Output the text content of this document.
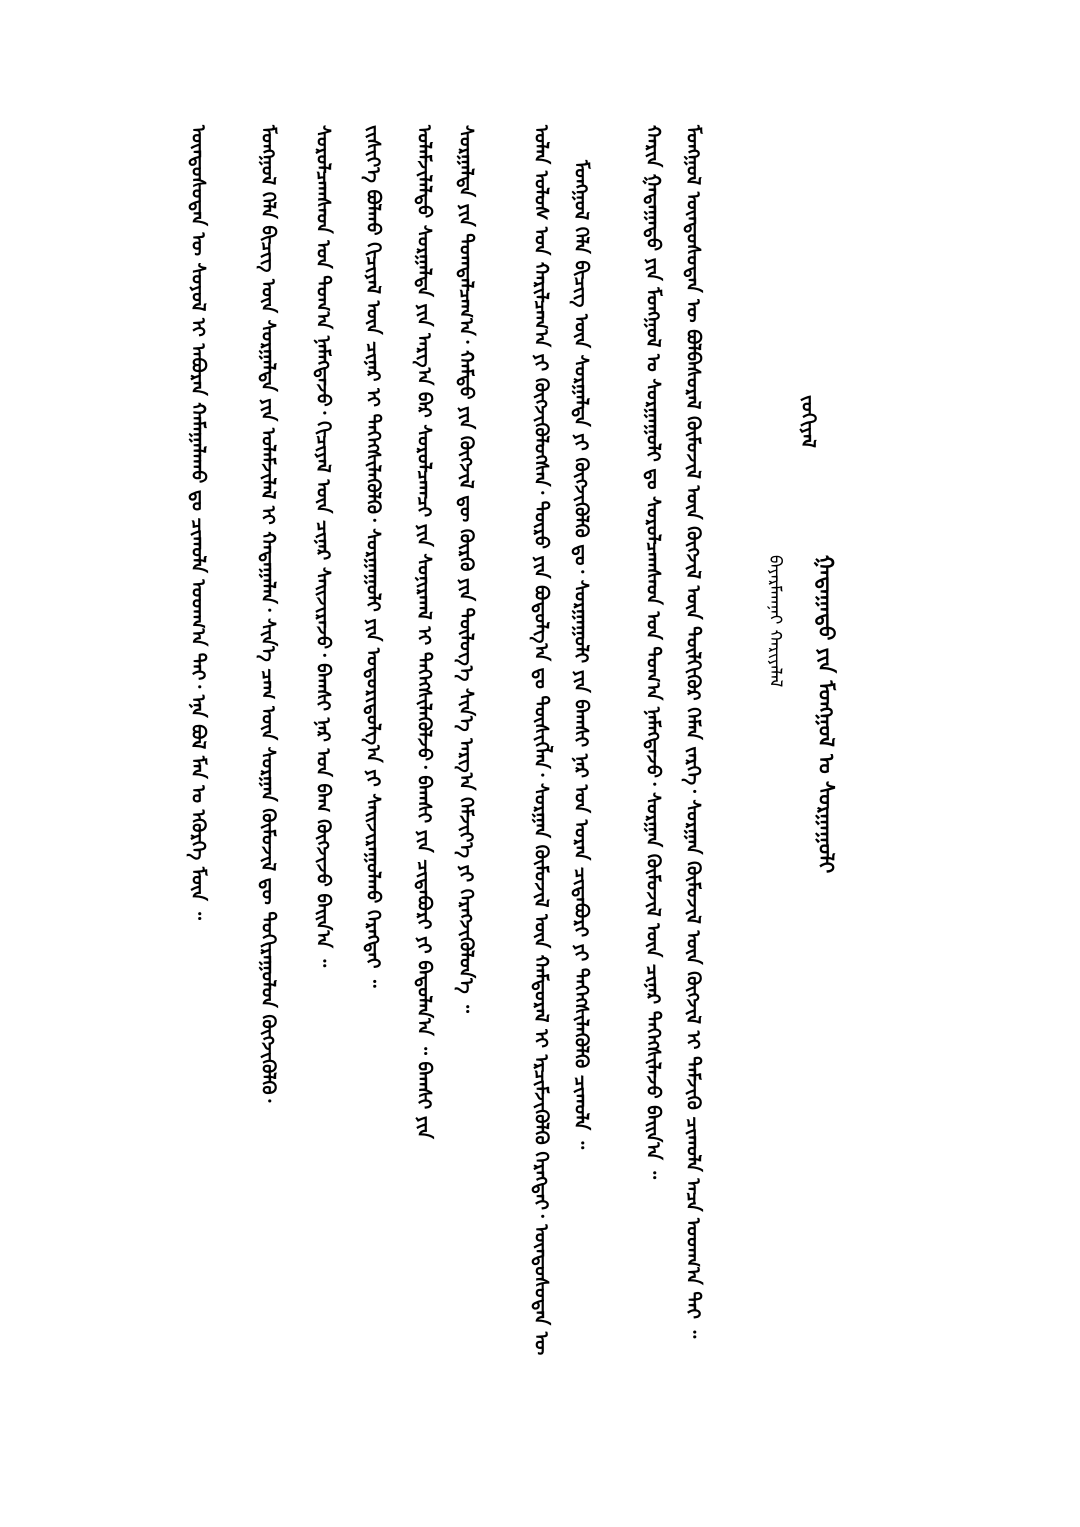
ᠵᠣᠬᠢᠶᠠᠯ
ᠭᠠᠳᠠᠭᠠᠳᠤ ᠶᠢᠨ ᠮᠣᠩᠭᠣᠯ ᠤ ᠰᠤᠷᠭᠠᠭᠤᠯᠢ
ᠪᠠᠶᠠᠷᠮᠠᠭᠨᠠᠢ ᠬᠠᠷᠢᠶᠠᠯᠠᠯ
ᠮᠣᠩᠭᠣᠯ ᠦᠨᠳᠦᠰᠦᠲᠡᠨ ᠦ ᠪᠣᠯᠪᠠᠰᠤᠷᠠᠯ ᠬᠦᠮᠦᠵᠢᠯ ᠦᠨ ᠬᠥᠭᠵᠢᠯ ᠦᠨ ᠲᠦᠯᠬᠢᠭᠦᠷ ᠬᠡᠮᠡᠨ ᠵᠡᠷᠭᠡ᠂ ᠰᠤᠷᠭᠠᠨ ᠬᠦᠮᠦᠵᠢᠯ ᠦᠨ ᠬᠥᠭᠵᠢᠯ ᠢ ᠳᠡᠮᠵᠢᠬᠦ ᠴᠢᠬᠤᠯᠠ ᠠᠴᠠ ᠤᠳᠬ᠎ᠠ ᠲᠠᠢ ᠃
ᠬᠠᠷᠢᠨ ᠭᠠᠳᠠᠭᠠᠳᠤ ᠶᠢᠨ ᠮᠣᠩᠭᠣᠯ ᠤ ᠰᠤᠷᠭᠠᠭᠤᠯᠢ ᠳᠤ ᠰᠤᠷᠤᠯᠴᠠᠭᠰᠠᠳ ᠤᠨ ᠲᠣᠭ᠎ᠠ ᠨᠡᠮᠡᠭᠳᠡᠵᠦ᠂ ᠰᠤᠷᠭᠠᠨ ᠬᠦᠮᠦᠵᠢᠯ ᠦᠨ ᠴᠢᠨᠠᠷ ᠳᠡᠭᠡᠭᠰᠢᠯᠡᠵᠦ ᠪᠠᠢᠨ᠎ᠠ ᠃
ᠮᠣᠩᠭᠣᠯ ᠬᠡᠯᠡ ᠪᠢᠴᠢᠭ ᠦᠨ ᠰᠤᠷᠭᠠᠯᠲᠠ ᠶᠢ ᠬᠥᠭᠵᠢᠭᠦᠯᠬᠦ ᠳᠤ᠂ ᠰᠤᠷᠭᠠᠭᠤᠯᠢ ᠶᠢᠨ ᠪᠠᠭᠰᠢ ᠨᠠᠷ ᠤᠨ ᠤᠷᠠᠨ ᠴᠢᠳᠠᠪᠤᠷᠢ ᠶᠢ ᠳᠡᠭᠡᠭᠰᠢᠯᠡᠭᠦᠯᠬᠦ ᠴᠢᠬᠤᠯᠠ ᠃
ᠣᠯᠠᠨ ᠤᠯᠤᠰ ᠤᠨ ᠬᠠᠷᠢᠯᠴᠠᠭ᠎ᠠ ᠶᠢ ᠬᠥᠭᠵᠢᠭᠦᠯᠦᠭᠰᠡᠨ᠂ ᠲᠥᠷᠥ ᠶᠢᠨ ᠪᠣᠳᠣᠯᠭ᠎ᠠ ᠳᠤ ᠲᠦᠰᠢᠭᠯᠡᠨ᠂ ᠰᠤᠷᠭᠠᠨ ᠬᠦᠮᠦᠵᠢᠯ ᠦᠨ ᠬᠠᠮᠲᠤᠷᠠᠯ ᠢ ᠡᠷᠴᠢᠮᠵᠢᠭᠦᠯᠬᠦ ᠬᠡᠷᠡᠭᠲᠡᠢ᠂ ᠦᠨᠳᠦᠰᠦᠲᠡᠨ ᠦ
ᠰᠤᠷᠭᠠᠯᠲᠠ ᠶᠢᠨ ᠲᠣᠭᠲᠠᠯᠴᠠᠭ᠎ᠠ᠂ ᠬᠠᠮᠲᠤ ᠶᠢᠨ ᠬᠥᠭᠵᠢᠯ ᠳᠦ ᠬᠦᠷᠬᠦ ᠶᠢᠨ ᠲᠥᠯᠥᠭ᠎ᠡ ᠰᠢᠨ᠎ᠡ ᠠᠷᠭ᠎ᠠ ᠬᠡᠮᠵᠢᠶ᠎ᠡ ᠶᠢ ᠬᠡᠷᠡᠭᠵᠢᠭᠦᠯᠦᠨ᠎ᠡ ᠃
ᠤᠯᠠᠮᠵᠢᠯᠠᠯᠲᠤ ᠰᠤᠷᠭᠠᠯᠲᠠ ᠶᠢᠨ ᠠᠷᠭ᠎ᠠ ᠪᠠᠷ ᠰᠤᠷᠤᠯᠴᠠᠭᠴᠢ ᠶᠢᠨ ᠰᠣᠨᠢᠷᠬᠠᠯ ᠢ ᠳᠡᠭᠡᠭᠰᠢᠯᠡᠭᠦᠯᠵᠦ᠂ ᠪᠠᠭᠰᠢ ᠶᠢᠨ ᠴᠢᠳᠠᠪᠤᠷᠢ ᠶᠢ ᠪᠠᠲᠤᠯᠠᠨ᠎ᠠ ᠃ ᠪᠠᠭᠰᠢ ᠶᠢᠨ
ᠵᠢᠱᠢᠶ᠎ᠡ ᠪᠣᠯᠬᠤ ᠬᠢᠴᠢᠶᠡᠯ ᠦᠨ ᠴᠢᠨᠠᠷ ᠢ ᠳᠡᠭᠡᠭᠰᠢᠯᠡᠭᠦᠯᠬᠦ᠂ ᠰᠤᠷᠭᠠᠭᠤᠯᠢ ᠶᠢᠨ ᠤᠳᠤᠷᠢᠳᠤᠯᠭ᠎ᠠ ᠶᠢ ᠰᠠᠢᠵᠢᠷᠠᠭᠤᠯᠬᠤ ᠬᠡᠷᠡᠭᠲᠡᠢ ᠃
ᠰᠤᠷᠤᠯᠴᠠᠭᠰᠠᠳ ᠤᠨ ᠲᠣᠭ᠎ᠠ ᠨᠡᠮᠡᠭᠳᠡᠵᠦ᠂ ᠬᠢᠴᠢᠶᠡᠯ ᠦᠨ ᠴᠢᠨᠠᠷ ᠰᠠᠢᠵᠢᠷᠠᠵᠤ᠂ ᠪᠠᠭᠰᠢ ᠨᠠᠷ ᠤᠨ ᠪᠠᠭ ᠬᠥᠭᠵᠢᠵᠦ ᠪᠠᠢᠨ᠎ᠠ ᠃
ᠮᠣᠩᠭᠣᠯ ᠬᠡᠯᠡ ᠪᠢᠴᠢᠭ ᠦᠨ ᠰᠤᠷᠭᠠᠯᠲᠠ ᠶᠢᠨ ᠤᠯᠠᠮᠵᠢᠯᠠᠯ ᠢ ᠬᠠᠳᠠᠭᠠᠯᠠᠨ᠂ ᠰᠢᠨ᠎ᠡ ᠴᠠᠭ ᠦᠨ ᠰᠤᠷᠭᠠᠨ ᠬᠦᠮᠦᠵᠢᠯ ᠳᠦ ᠲᠣᠬᠢᠷᠠᠭᠤᠯᠤᠨ ᠬᠥᠭᠵᠢᠭᠦᠯᠬᠦ᠂
ᠦᠨᠳᠦᠰᠦᠲᠡᠨ ᠦ ᠰᠣᠶᠣᠯ ᠢ ᠠᠪᠤᠷᠠᠨ ᠬᠠᠮᠠᠭᠠᠯᠠᠬᠤ ᠳᠤ ᠴᠢᠬᠤᠯᠠ ᠤᠳᠬ᠎ᠠ ᠲᠠᠢ᠂ ᠡᠨᠡ ᠪᠣᠯ ᠮᠠᠨ ᠤ ᠡᠭᠦᠷᠭᠡ ᠮᠥᠨ ᠃
